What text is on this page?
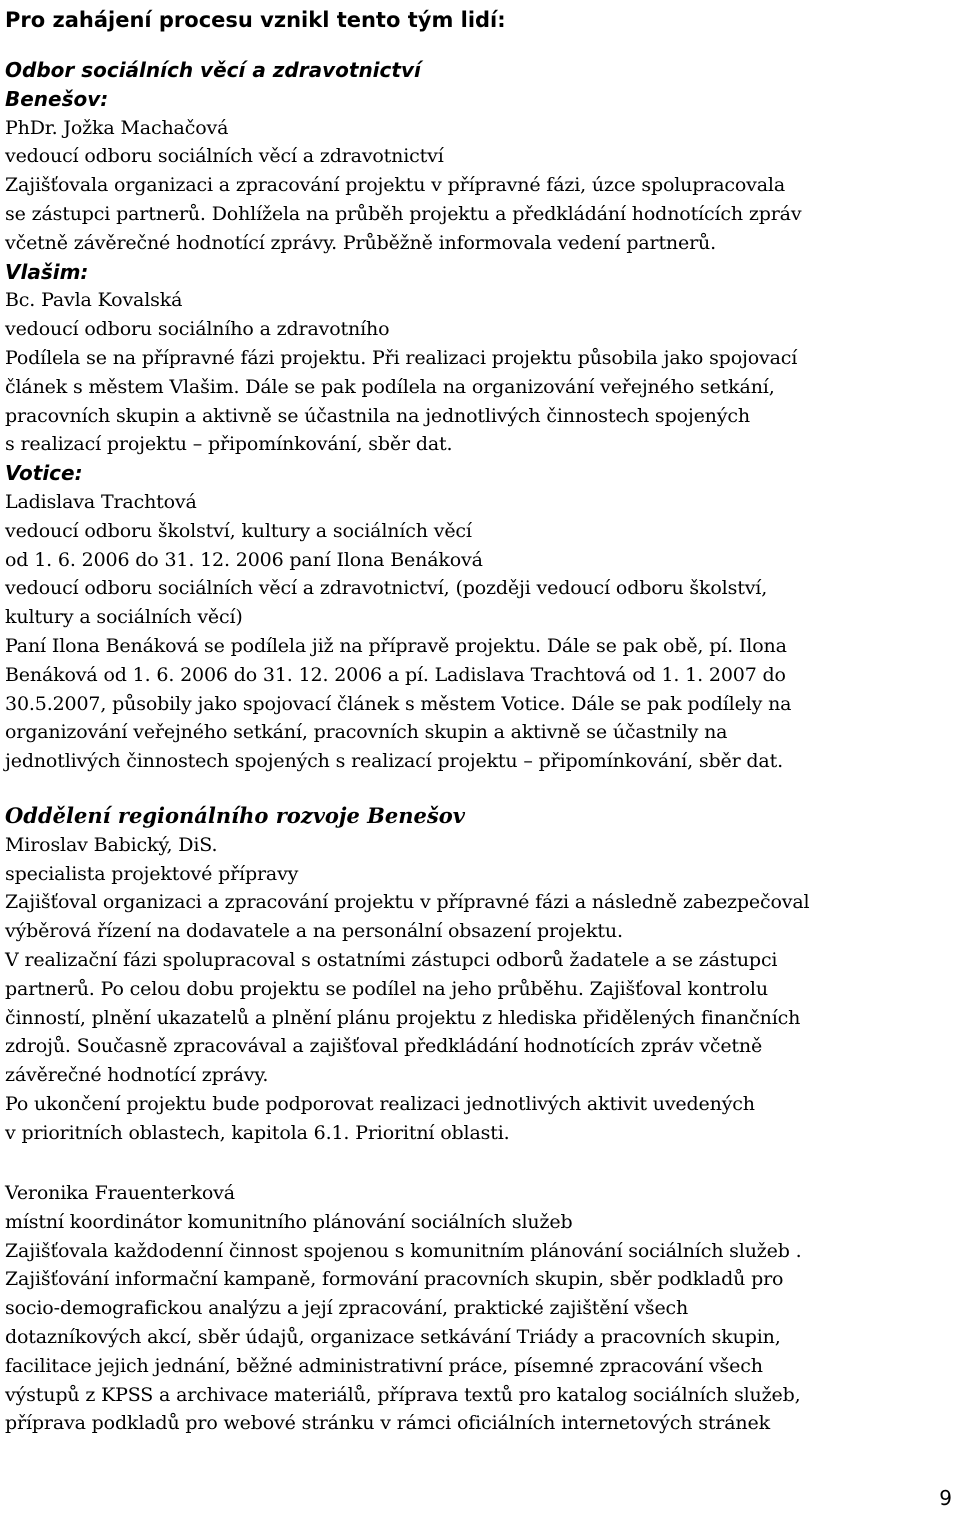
Pro zahájení procesu vznikl tento tým lidí:
Odbor sociálních věcí a zdravotnictví
Benešov:
PhDr. Jožka Machačová
vedoucí odboru sociálních věcí a zdravotnictví
Zajišťovala organizaci a zpracování projektu v přípravné fázi, úzce spolupracovala
se zástupci partnerů. Dohlížela na průběh projektu a předkládání hodnotících zpráv
včetně závěrečné hodnotící zprávy. Průběžně informovala vedení partnerů.
Vlašim:
Bc. Pavla Kovalská
vedoucí odboru sociálního a zdravotního
Podílela se na přípravné fázi projektu. Při realizaci projektu působila jako spojovací
článek s městem Vlašim. Dále se pak podílela na organizování veřejného setkání,
pracovních skupin a aktivně se účastnila na jednotlivých činnostech spojených
s realizací projektu – připomínkování, sběr dat.
Votice:
Ladislava Trachtová
vedoucí odboru školství, kultury a sociálních věcí
od 1. 6. 2006 do 31. 12. 2006 paní Ilona Benáková
vedoucí odboru sociálních věcí a zdravotnictví, (později vedoucí odboru školství,
kultury a sociálních věcí)
Paní Ilona Benáková se podílela již na přípravě projektu. Dále se pak obě, pí. Ilona
Benáková od 1. 6. 2006 do 31. 12. 2006 a pí. Ladislava Trachtová od 1. 1. 2007 do
30.5.2007, působily jako spojovací článek s městem Votice. Dále se pak podílely na
organizování veřejného setkání, pracovních skupin a aktivně se účastnily na
jednotlivých činnostech spojených s realizací projektu – připomínkování, sběr dat.
Oddělení regionálního rozvoje Benešov
Miroslav Babický, DiS.
specialista projektové přípravy
Zajišťoval organizaci a zpracování projektu v přípravné fázi a následně zabezpečoval
výběrová řízení na dodavatele a na personální obsazení projektu.
V realizační fázi spolupracoval s ostatními zástupci odborů žadatele a se zástupci
partnerů. Po celou dobu projektu se podílel na jeho průběhu. Zajišťoval kontrolu
činností, plnění ukazatelů a plnění plánu projektu z hlediska přidělených finančních
zdrojů. Současně zpracovával a zajišťoval předkládání hodnotících zpráv včetně
závěrečné hodnotící zprávy.
Po ukončení projektu bude podporovat realizaci jednotlivých aktivit uvedených
v prioritních oblastech, kapitola 6.1. Prioritní oblasti.
Veronika Frauenterková
místní koordinátor komunitního plánování sociálních služeb
Zajišťovala každodenní činnost spojenou s komunitním plánování sociálních služeb .
Zajišťování informační kampaně, formování pracovních skupin, sběr podkladů pro
socio-demografickou analýzu a její zpracování, praktické zajištění všech
dotazníkových akcí, sběr údajů, organizace setkávání Triády a pracovních skupin,
facilitace jejich jednání, běžné administrativní práce, písemné zpracování všech
výstupů z KPSS a archivace materiálů, příprava textů pro katalog sociálních služeb,
příprava podkladů pro webové stránku v rámci oficiálních internetových stránek
9
